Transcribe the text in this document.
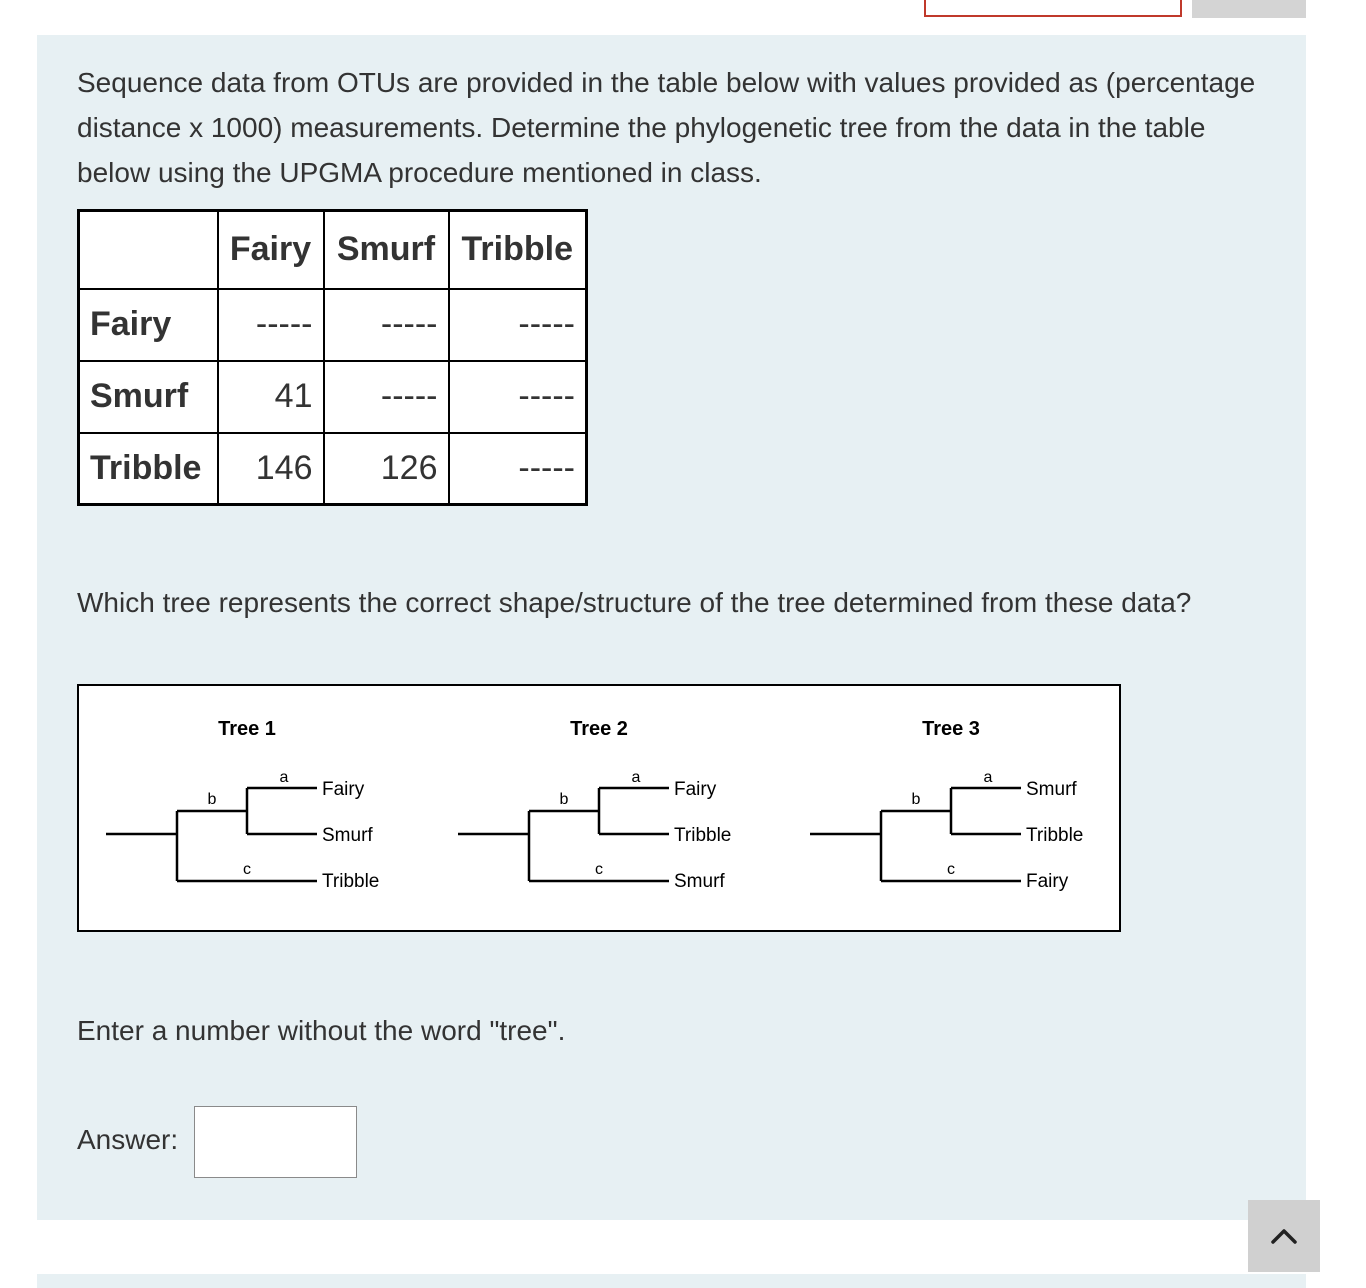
Sequence data from OTUs are provided in the table below with values provided as (percentage distance x 1000) measurements. Determine the phylogenetic tree from the data in the table below using the UPGMA procedure mentioned in class.

	Fairy	Smurf	Tribble
Fairy	-----	-----	-----
Smurf	41	-----	-----
Tribble	146	126	-----

Which tree represents the correct shape/structure of the tree determined from these data?

Tree 1
a
b
c
Fairy
Smurf
Tribble
Tree 2
a
b
c
Fairy
Tribble
Smurf
Tree 3
a
b
c
Smurf
Tribble
Fairy

Enter a number without the word "tree".

Answer:
